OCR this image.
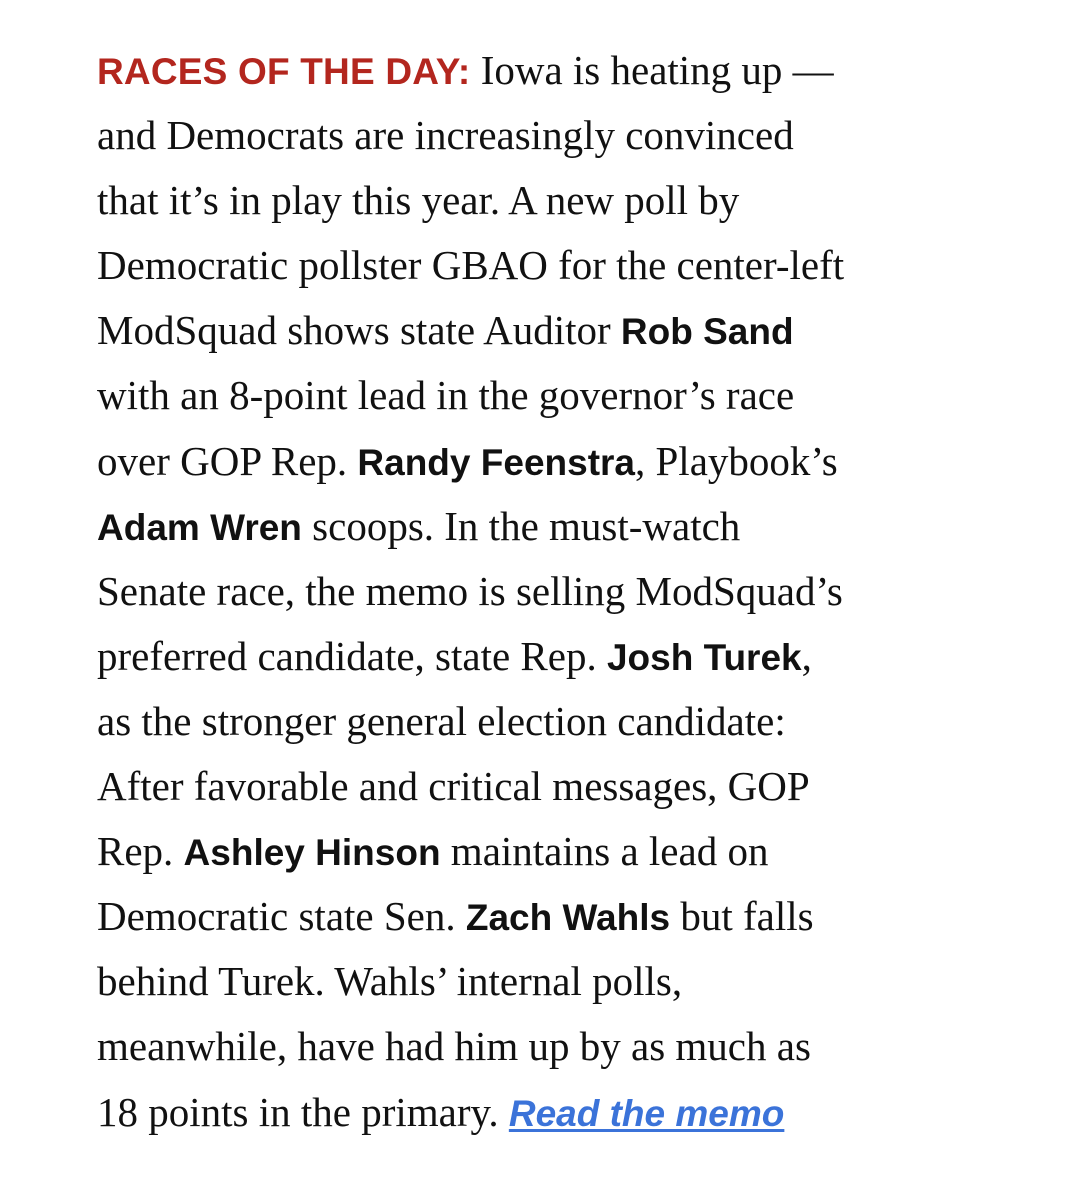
RACES OF THE DAY: Iowa is heating up —
and Democrats are increasingly convinced
that it’s in play this year. A new poll by
Democratic pollster GBAO for the center-left
ModSquad shows state Auditor Rob Sand
with an 8-point lead in the governor’s race
over GOP Rep. Randy Feenstra, Playbook’s
Adam Wren scoops. In the must-watch
Senate race, the memo is selling ModSquad’s
preferred candidate, state Rep. Josh Turek,
as the stronger general election candidate:
After favorable and critical messages, GOP
Rep. Ashley Hinson maintains a lead on
Democratic state Sen. Zach Wahls but falls
behind Turek. Wahls’ internal polls,
meanwhile, have had him up by as much as
18 points in the primary. Read the memo
